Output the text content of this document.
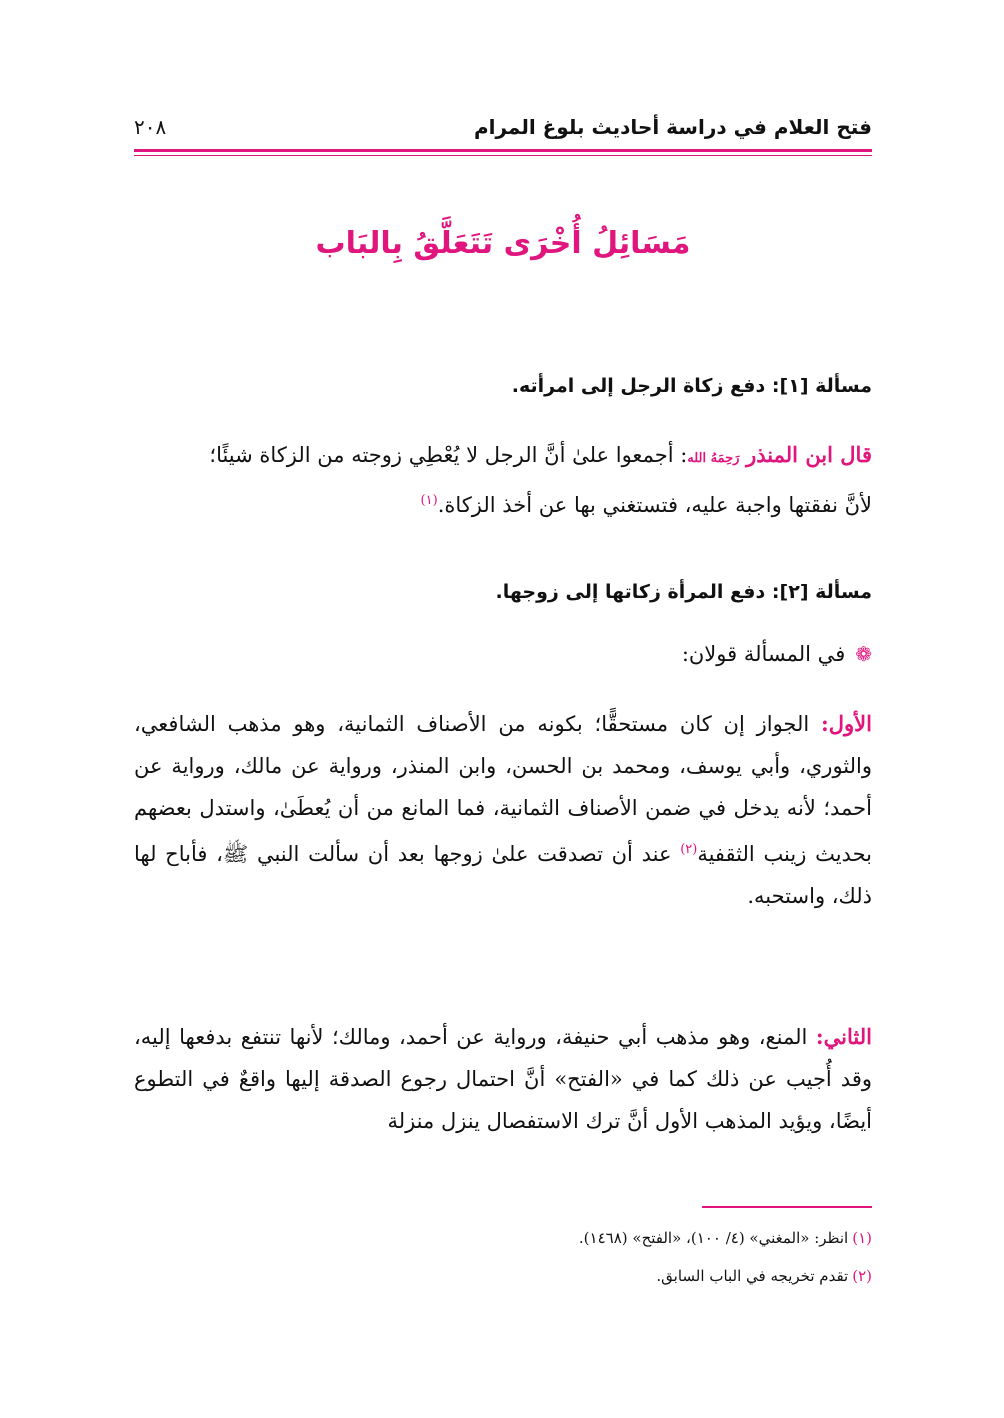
فتح العلام في دراسة أحاديث بلوغ المرام
٢٠٨
مَسَائِلُ أُخْرَى تَتَعَلَّقُ بِالبَاب
مسألة [١]: دفع زكاة الرجل إلى امرأته.
قال ابن المنذر رَحِمَهُ الله: أجمعوا علىٰ أنَّ الرجل لا يُعْطِي زوجته من الزكاة شيئًا؛
لأنَّ نفقتها واجبة عليه، فتستغني بها عن أخذ الزكاة.$^{(١)}$
مسألة [٢]: دفع المرأة زكاتها إلى زوجها.
❁في المسألة قولان:
الأول: الجواز إن كان مستحقًّا؛ بكونه من الأصناف الثمانية، وهو مذهب الشافعي، والثوري، وأبي يوسف، ومحمد بن الحسن، وابن المنذر، ورواية عن مالك، ورواية عن أحمد؛ لأنه يدخل في ضمن الأصناف الثمانية، فما المانع من أن يُعطَىٰ، واستدل بعضهم بحديث زينب الثقفية$^{(٢)}$ عند أن تصدقت علىٰ زوجها بعد أن سألت النبي ﷺ، فأباح لها ذلك، واستحبه.
الثاني: المنع، وهو مذهب أبي حنيفة، ورواية عن أحمد، ومالك؛ لأنها تنتفع بدفعها إليه، وقد أُجيب عن ذلك كما في «الفتح» أنَّ احتمال رجوع الصدقة إليها واقعٌ في التطوع أيضًا، ويؤيد المذهب الأول أنَّ ترك الاستفصال ينزل منزلة
(١)انظر: «المغني» (٤/ ١٠٠)، «الفتح» (١٤٦٨).
(٢)تقدم تخريجه في الباب السابق.
